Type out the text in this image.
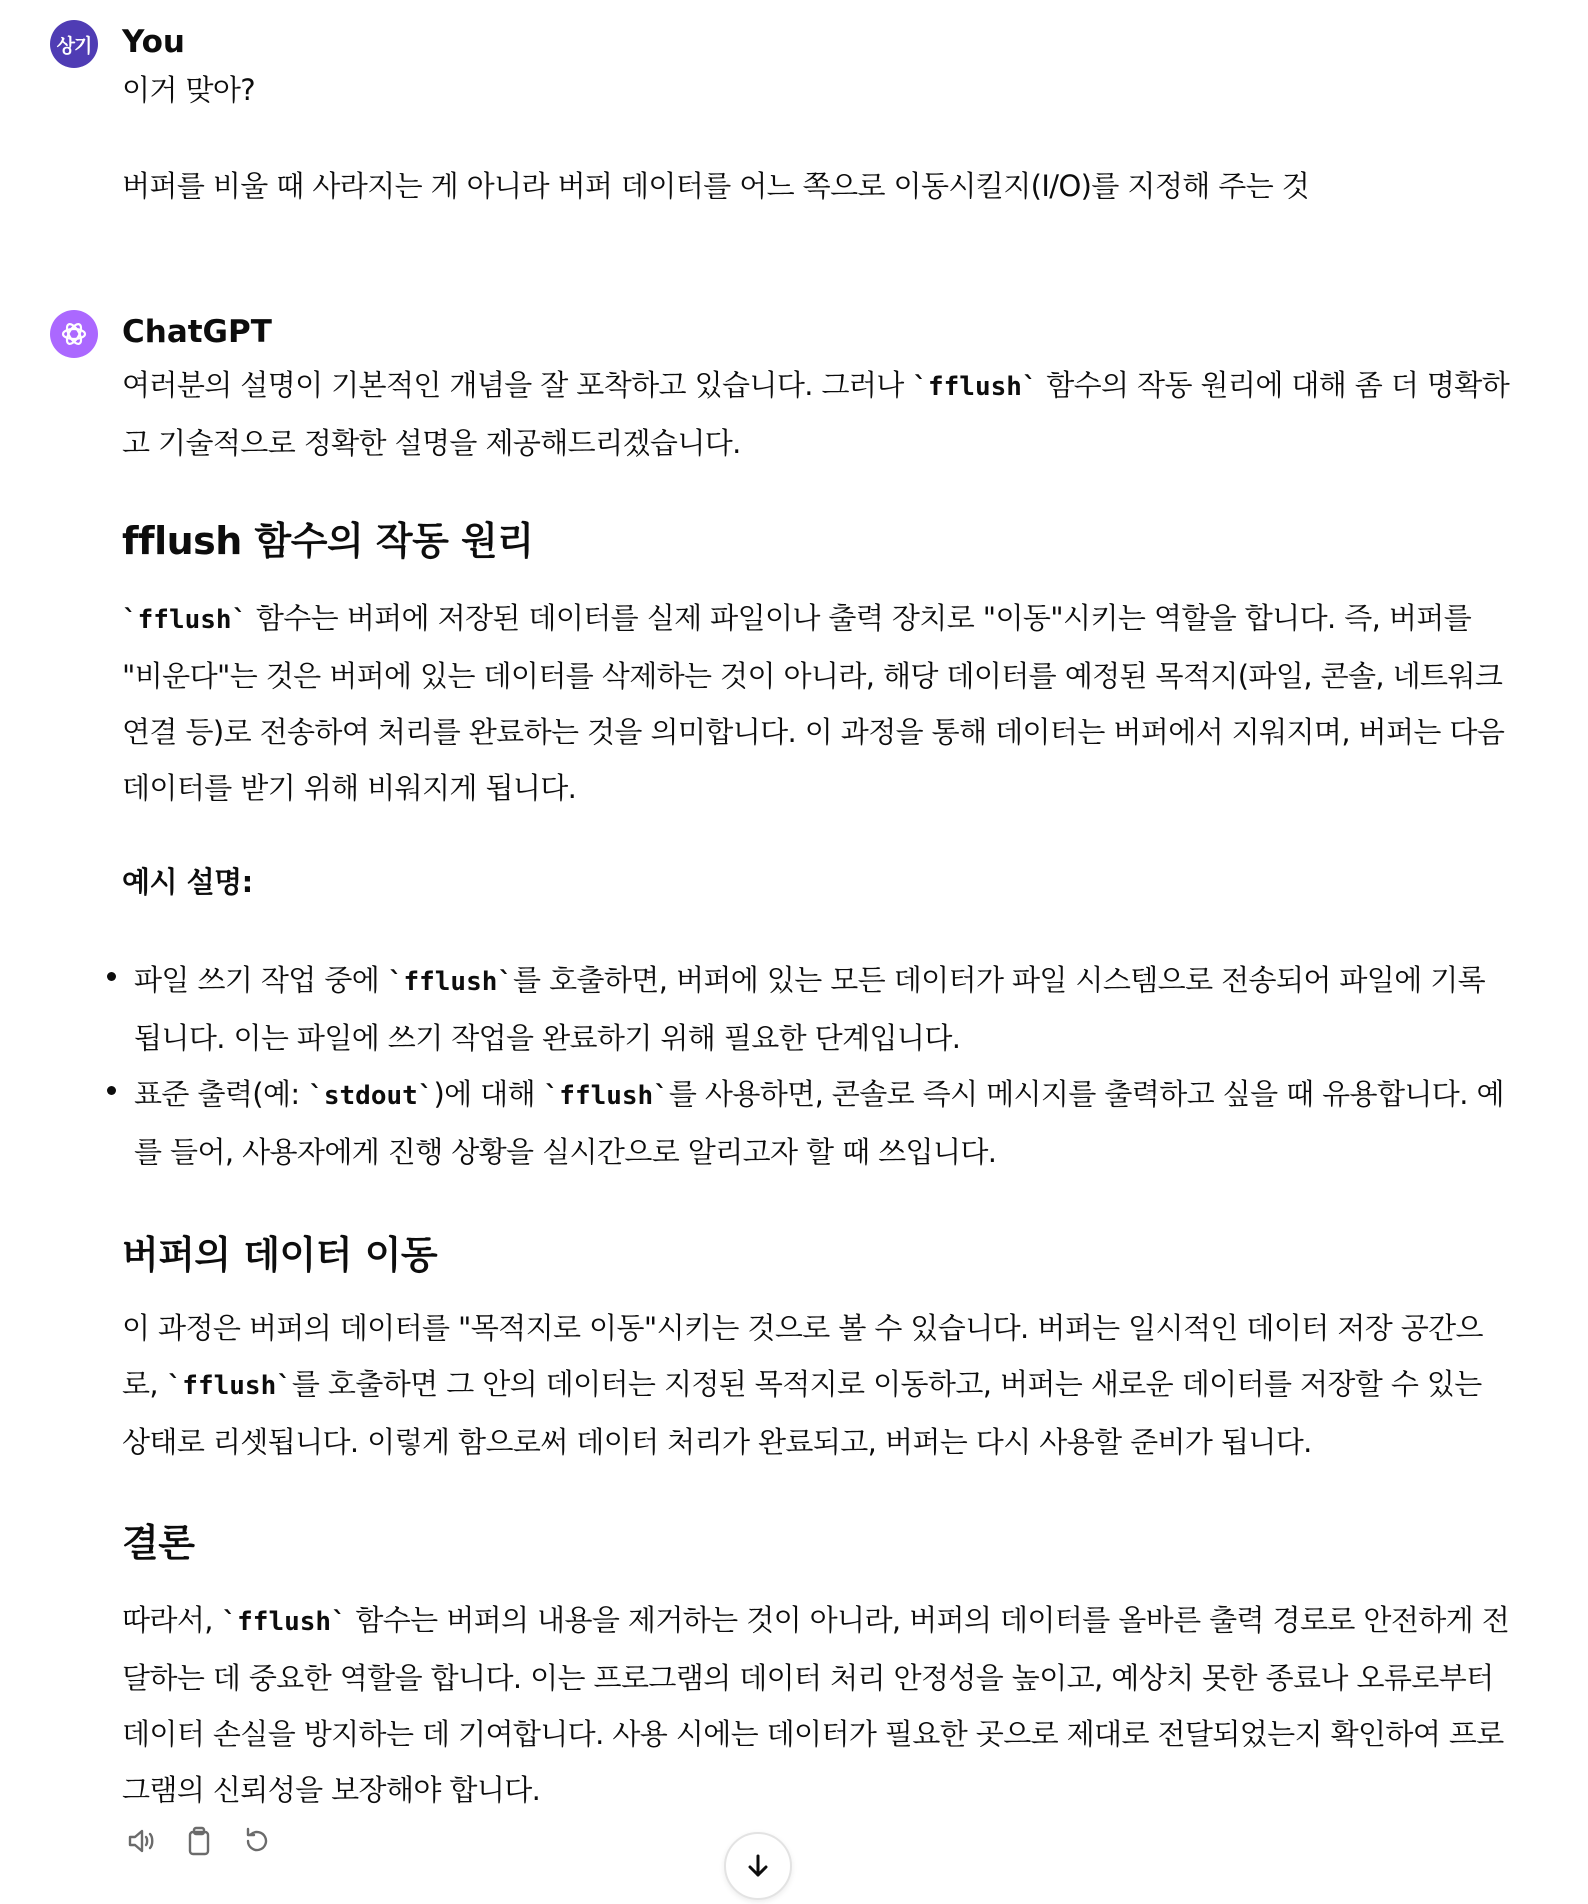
상기 You

이거 맞아?

버퍼를 비울 때 사라지는 게 아니라 버퍼 데이터를 어느 쪽으로 이동시킬지(I/O)를 지정해 주는 것

ChatGPT

여러분의 설명이 기본적인 개념을 잘 포착하고 있습니다. 그러나 `fflush` 함수의 작동 원리에 대해 좀 더 명확하고 기술적으로 정확한 설명을 제공해드리겠습니다.

fflush 함수의 작동 원리

`fflush` 함수는 버퍼에 저장된 데이터를 실제 파일이나 출력 장치로 "이동"시키는 역할을 합니다. 즉, 버퍼를 "비운다"는 것은 버퍼에 있는 데이터를 삭제하는 것이 아니라, 해당 데이터를 예정된 목적지(파일, 콘솔, 네트워크 연결 등)로 전송하여 처리를 완료하는 것을 의미합니다. 이 과정을 통해 데이터는 버퍼에서 지워지며, 버퍼는 다음 데이터를 받기 위해 비워지게 됩니다.

예시 설명:
파일 쓰기 작업 중에 `fflush`를 호출하면, 버퍼에 있는 모든 데이터가 파일 시스템으로 전송되어 파일에 기록됩니다. 이는 파일에 쓰기 작업을 완료하기 위해 필요한 단계입니다.
표준 출력(예: `stdout`)에 대해 `fflush`를 사용하면, 콘솔로 즉시 메시지를 출력하고 싶을 때 유용합니다. 예를 들어, 사용자에게 진행 상황을 실시간으로 알리고자 할 때 쓰입니다.
버퍼의 데이터 이동

이 과정은 버퍼의 데이터를 "목적지로 이동"시키는 것으로 볼 수 있습니다. 버퍼는 일시적인 데이터 저장 공간으로, `fflush`를 호출하면 그 안의 데이터는 지정된 목적지로 이동하고, 버퍼는 새로운 데이터를 저장할 수 있는 상태로 리셋됩니다. 이렇게 함으로써 데이터 처리가 완료되고, 버퍼는 다시 사용할 준비가 됩니다.

결론

따라서, `fflush` 함수는 버퍼의 내용을 제거하는 것이 아니라, 버퍼의 데이터를 올바른 출력 경로로 안전하게 전달하는 데 중요한 역할을 합니다. 이는 프로그램의 데이터 처리 안정성을 높이고, 예상치 못한 종료나 오류로부터 데이터 손실을 방지하는 데 기여합니다. 사용 시에는 데이터가 필요한 곳으로 제대로 전달되었는지 확인하여 프로그램의 신뢰성을 보장해야 합니다.
